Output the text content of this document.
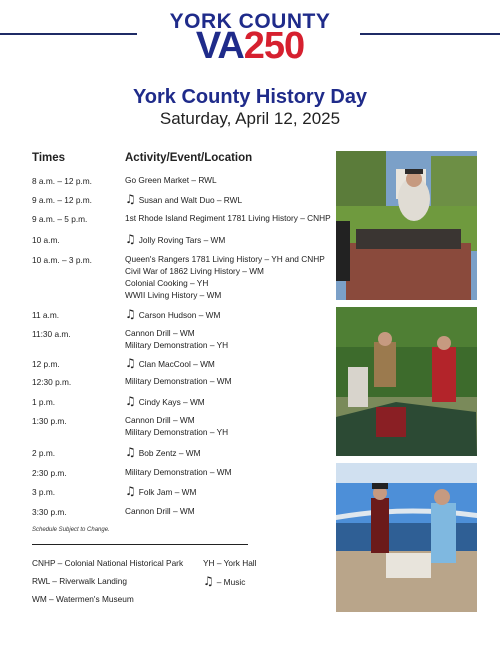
YORK COUNTY
VA250
York County History Day
Saturday, April 12, 2025
Times	Activity/Event/Location
8 a.m. – 12 p.m.	Go Green Market – RWL
9 a.m. – 12 p.m.	♫ Susan and Walt Duo – RWL
9 a.m. – 5 p.m.	1st Rhode Island Regiment 1781 Living History – CNHP
10 a.m.	♫ Jolly Roving Tars – WM
10 a.m. – 3 p.m.	Queen's Rangers 1781 Living History – YH and CNHP
Civil War of 1862 Living History – WM
Colonial Cooking – YH
WWII Living History – WM
11 a.m.	♫ Carson Hudson – WM
11:30 a.m.	Cannon Drill – WM
Military Demonstration – YH
12 p.m.	♫ Clan MacCool – WM
12:30 p.m.	Military Demonstration – WM
1 p.m.	♫ Cindy Kays – WM
1:30 p.m.	Cannon Drill – WM
Military Demonstration – YH
2 p.m.	♫ Bob Zentz – WM
2:30 p.m.	Military Demonstration – WM
3 p.m.	♫ Folk Jam – WM
3:30 p.m.	Cannon Drill – WM
Schedule Subject to Change.
CNHP – Colonial National Historical Park
RWL – Riverwalk Landing
WM – Watermen's Museum
YH – York Hall
♫ – Music
